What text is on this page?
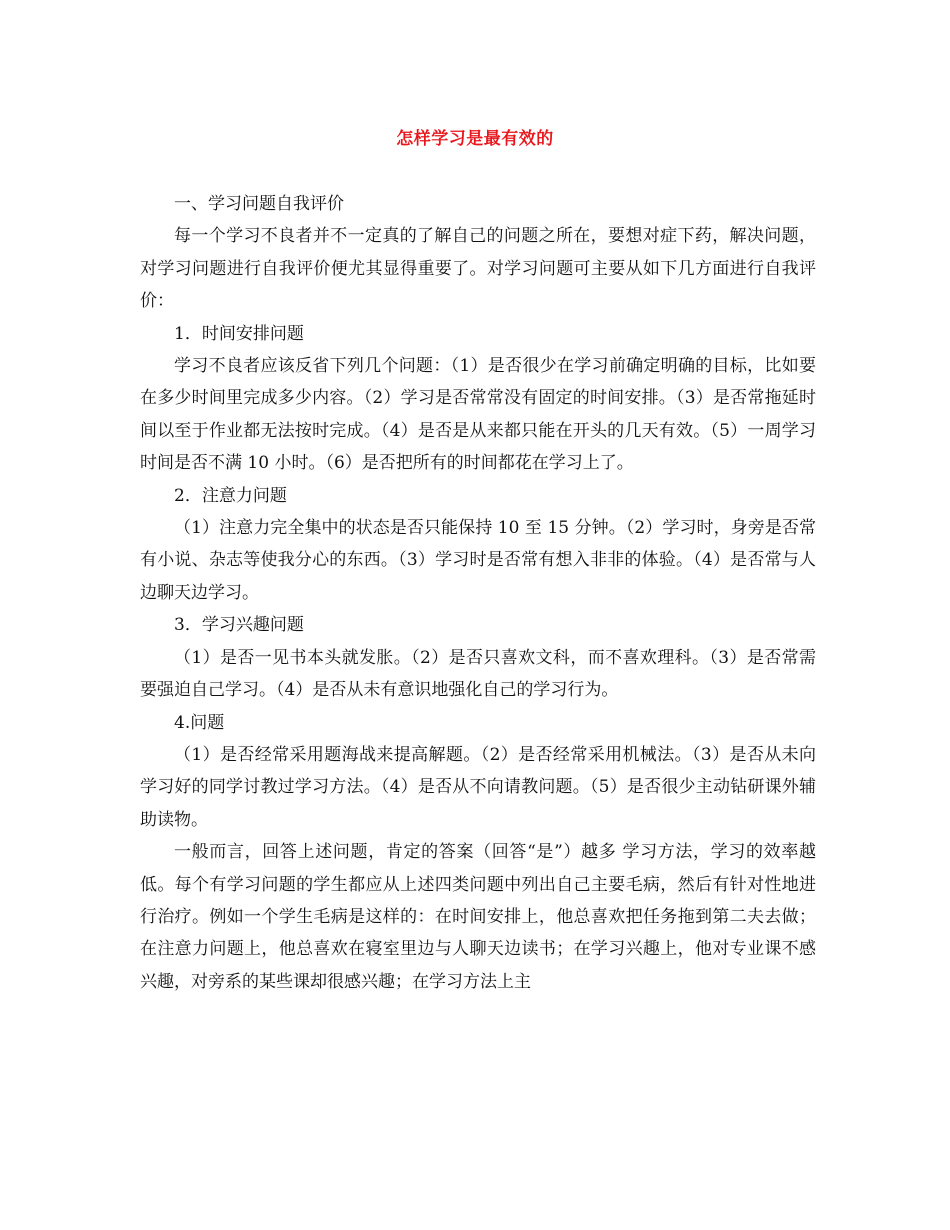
怎样学习是最有效的

一、学习问题自我评价

每一个学习不良者并不一定真的了解自己的问题之所在，要想对症下药，解决问题，对学习问题进行自我评价便尤其显得重要了。对学习问题可主要从如下几方面进行自我评价：

1．时间安排问题

学习不良者应该反省下列几个问题：（1）是否很少在学习前确定明确的目标，比如要在多少时间里完成多少内容。（2）学习是否常常没有固定的时间安排。（3）是否常拖延时间以至于作业都无法按时完成。（4）是否是从来都只能在开头的几天有效。（5）一周学习时间是否不满 10 小时。（6）是否把所有的时间都花在学习上了。

2．注意力问题

（1）注意力完全集中的状态是否只能保持 10 至 15 分钟。（2）学习时，身旁是否常有小说、杂志等使我分心的东西。（3）学习时是否常有想入非非的体验。（4）是否常与人边聊天边学习。

3．学习兴趣问题

（1）是否一见书本头就发胀。（2）是否只喜欢文科，而不喜欢理科。（3）是否常需要强迫自己学习。（4）是否从未有意识地强化自己的学习行为。

4.问题

（1）是否经常采用题海战来提高解题。（2）是否经常采用机械法。（3）是否从未向学习好的同学讨教过学习方法。（4）是否从不向请教问题。（5）是否很少主动钻研课外辅助读物。

一般而言，回答上述问题，肯定的答案（回答“是”）越多 学习方法，学习的效率越低。每个有学习问题的学生都应从上述四类问题中列出自己主要毛病，然后有针对性地进行治疗。例如一个学生毛病是这样的：在时间安排上，他总喜欢把任务拖到第二夫去做；在注意力问题上，他总喜欢在寝室里边与人聊天边读书；在学习兴趣上，他对专业课不感兴趣，对旁系的某些课却很感兴趣；在学习方法上主
